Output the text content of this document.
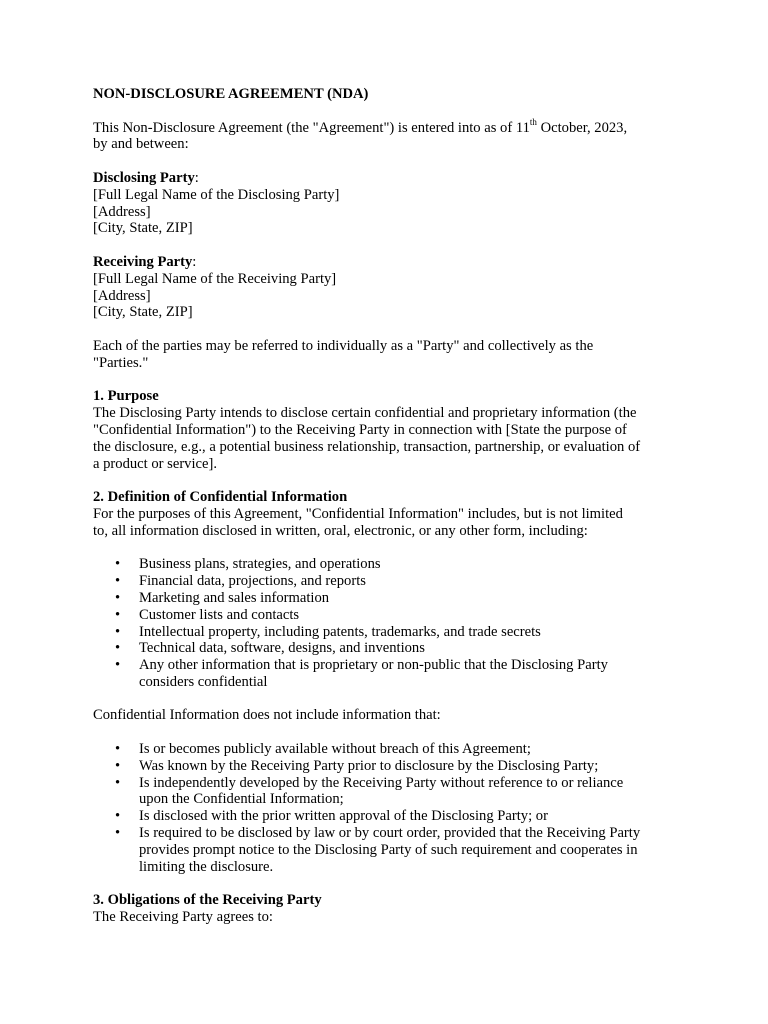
NON-DISCLOSURE AGREEMENT (NDA)

This Non-Disclosure Agreement (the "Agreement") is entered into as of 11th October, 2023,

by and between:

Disclosing Party:

[Full Legal Name of the Disclosing Party]

[Address]

[City, State, ZIP]

Receiving Party:

[Full Legal Name of the Receiving Party]

[Address]

[City, State, ZIP]

Each of the parties may be referred to individually as a "Party" and collectively as the

"Parties."

1. Purpose

The Disclosing Party intends to disclose certain confidential and proprietary information (the

"Confidential Information") to the Receiving Party in connection with [State the purpose of

the disclosure, e.g., a potential business relationship, transaction, partnership, or evaluation of

a product or service].

2. Definition of Confidential Information

For the purposes of this Agreement, "Confidential Information" includes, but is not limited

to, all information disclosed in written, oral, electronic, or any other form, including:

• Business plans, strategies, and operations
• Financial data, projections, and reports
• Marketing and sales information
• Customer lists and contacts
• Intellectual property, including patents, trademarks, and trade secrets
• Technical data, software, designs, and inventions
• Any other information that is proprietary or non-public that the Disclosing Party
considers confidential

Confidential Information does not include information that:

• Is or becomes publicly available without breach of this Agreement;
• Was known by the Receiving Party prior to disclosure by the Disclosing Party;
• Is independently developed by the Receiving Party without reference to or reliance
upon the Confidential Information;
• Is disclosed with the prior written approval of the Disclosing Party; or
• Is required to be disclosed by law or by court order, provided that the Receiving Party
provides prompt notice to the Disclosing Party of such requirement and cooperates in
limiting the disclosure.

3. Obligations of the Receiving Party

The Receiving Party agrees to:
